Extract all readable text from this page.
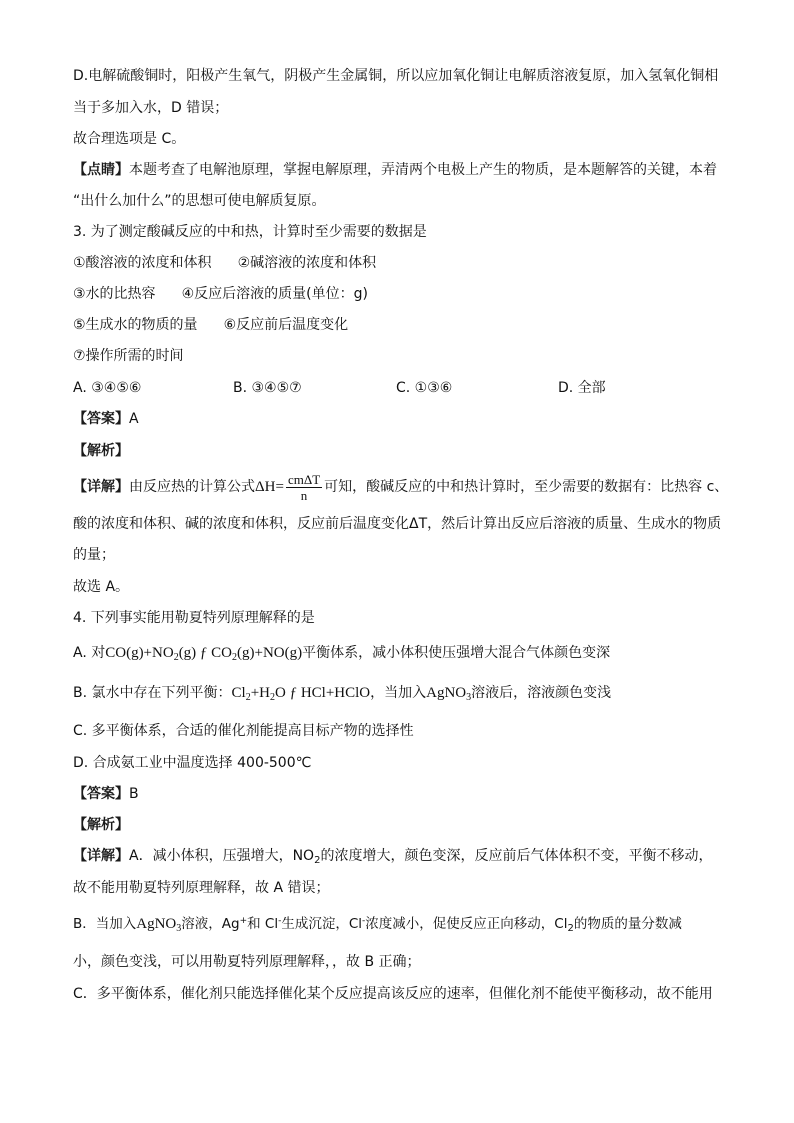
D.电解硫酸铜时，阳极产生氧气，阴极产生金属铜，所以应加氧化铜让电解质溶液复原，加入氢氧化铜相
当于多加入水，D 错误；
故合理选项是 C。
【点睛】本题考查了电解池原理，掌握电解原理，弄清两个电极上产生的物质，是本题解答的关键，本着
“出什么加什么”的思想可使电解质复原。
3. 为了测定酸碱反应的中和热，计算时至少需要的数据是
①酸溶液的浓度和体积 ②碱溶液的浓度和体积
③水的比热容 ④反应后溶液的质量(单位：g)
⑤生成水的物质的量 ⑥反应前后温度变化
⑦操作所需的时间
A. ③④⑤⑥	B. ③④⑤⑦	C. ①③⑥	D. 全部
【答案】A
【解析】
【详解】由反应热的计算公式$\Delta H= \frac{\text{cmΔT}}{n}$ 可知，酸碱反应的中和热计算时，至少需要的数据有：比热容 c、
酸的浓度和体积、碱的浓度和体积，反应前后温度变化ΔT，然后计算出反应后溶液的质量、生成水的物质
的量；
故选 A。
4. 下列事实能用勒夏特列原理解释的是
A. 对$CO(g)+NO_2(g)$ ƒ $CO_2(g)+NO(g)$平衡体系，减小体积使压强增大混合气体颜色变深
B. 氯水中存在下列平衡：$Cl_2+H_2O$ ƒ HCl+HClO，当加入AgNO$_3$溶液后，溶液颜色变浅
C. 多平衡体系，合适的催化剂能提高目标产物的选择性
D. 合成氨工业中温度选择 400-500℃
【答案】B
【解析】
【详解】A．减小体积，压强增大，$NO_2$的浓度增大，颜色变深，反应前后气体体积不变，平衡不移动，
故不能用勒夏特列原理解释，故 A 错误；
B．当加入AgNO$_3$溶液，Ag+和 Cl-生成沉淀，Cl-浓度减小，促使反应正向移动，$Cl_2$的物质的量分数减
小，颜色变浅，可以用勒夏特列原理解释，，故 B 正确；
C．多平衡体系，催化剂只能选择催化某个反应提高该反应的速率，但催化剂不能使平衡移动，故不能用
